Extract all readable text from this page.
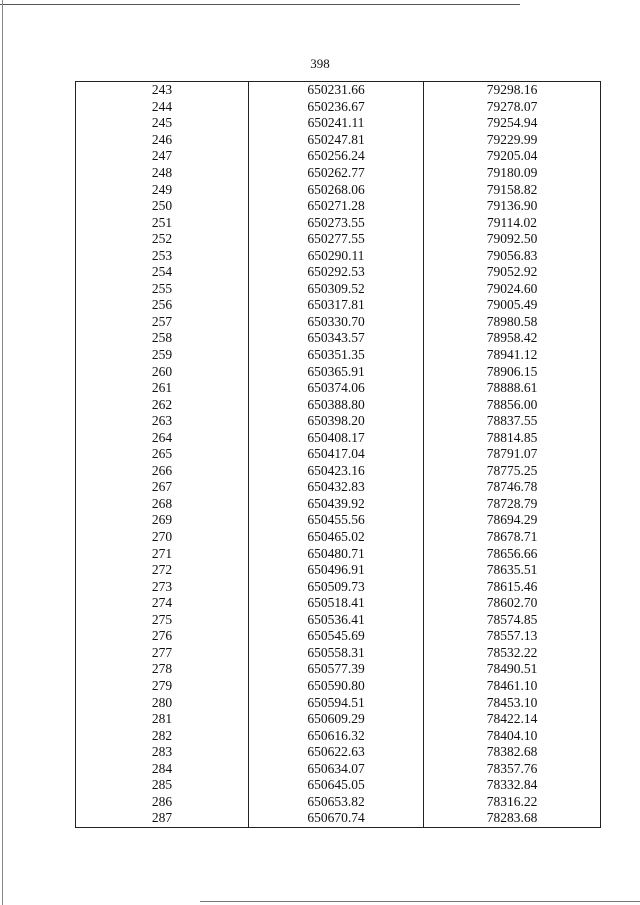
398
243	650231.66	79298.16
244	650236.67	79278.07
245	650241.11	79254.94
246	650247.81	79229.99
247	650256.24	79205.04
248	650262.77	79180.09
249	650268.06	79158.82
250	650271.28	79136.90
251	650273.55	79114.02
252	650277.55	79092.50
253	650290.11	79056.83
254	650292.53	79052.92
255	650309.52	79024.60
256	650317.81	79005.49
257	650330.70	78980.58
258	650343.57	78958.42
259	650351.35	78941.12
260	650365.91	78906.15
261	650374.06	78888.61
262	650388.80	78856.00
263	650398.20	78837.55
264	650408.17	78814.85
265	650417.04	78791.07
266	650423.16	78775.25
267	650432.83	78746.78
268	650439.92	78728.79
269	650455.56	78694.29
270	650465.02	78678.71
271	650480.71	78656.66
272	650496.91	78635.51
273	650509.73	78615.46
274	650518.41	78602.70
275	650536.41	78574.85
276	650545.69	78557.13
277	650558.31	78532.22
278	650577.39	78490.51
279	650590.80	78461.10
280	650594.51	78453.10
281	650609.29	78422.14
282	650616.32	78404.10
283	650622.63	78382.68
284	650634.07	78357.76
285	650645.05	78332.84
286	650653.82	78316.22
287	650670.74	78283.68
